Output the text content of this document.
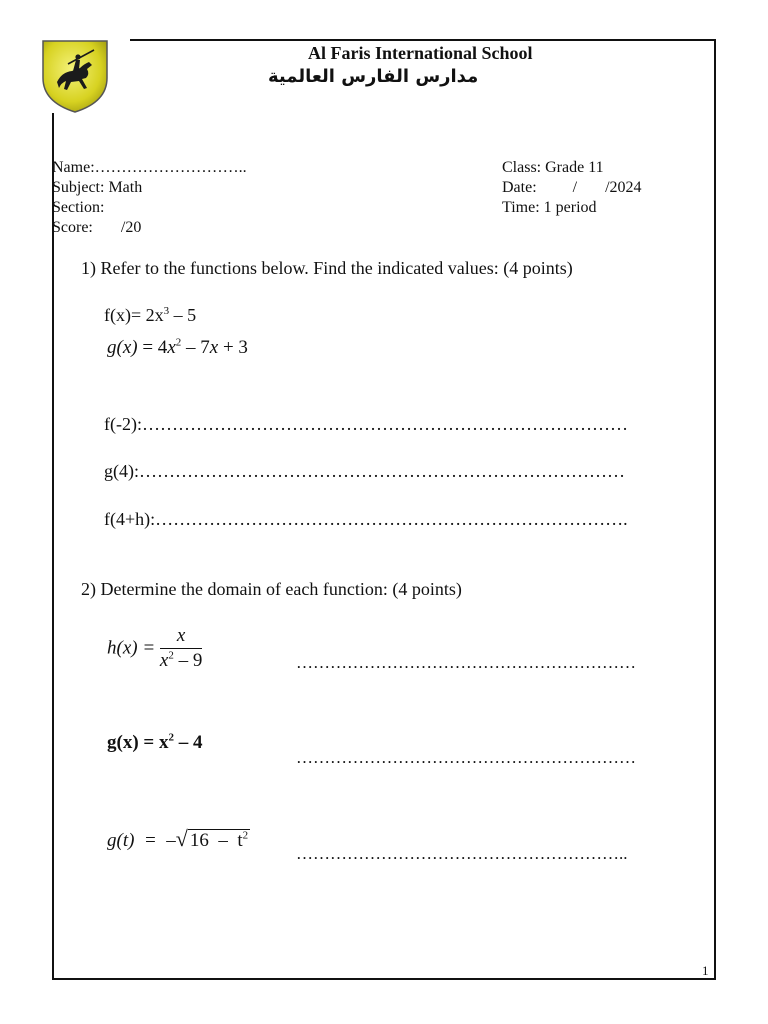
Al Faris International School
مدارس الفارس العالمية
Name:………………………..
Subject: Math
Section:
Score:       /20
Class: Grade 11
Date:         /       /2024
Time: 1 period
1) Refer to the functions below. Find the indicated values: (4 points)
$f(x)= 2x^3 - 5$
$g(x) = 4x^2 - 7x + 3$
f(-2):………………………………………………………………………
g(4):………………………………………………………………………
f(4+h):…………………………………………………………………….
2) Determine the domain of each function: (4 points)
$h(x) = \frac{x}{x^2 - 9}$	……………………………………………………
$g(x) = x^2 - 4$
……………………………………………………
g(t)  =  –√ $16 - t^2$
…………………………………………………..
1
